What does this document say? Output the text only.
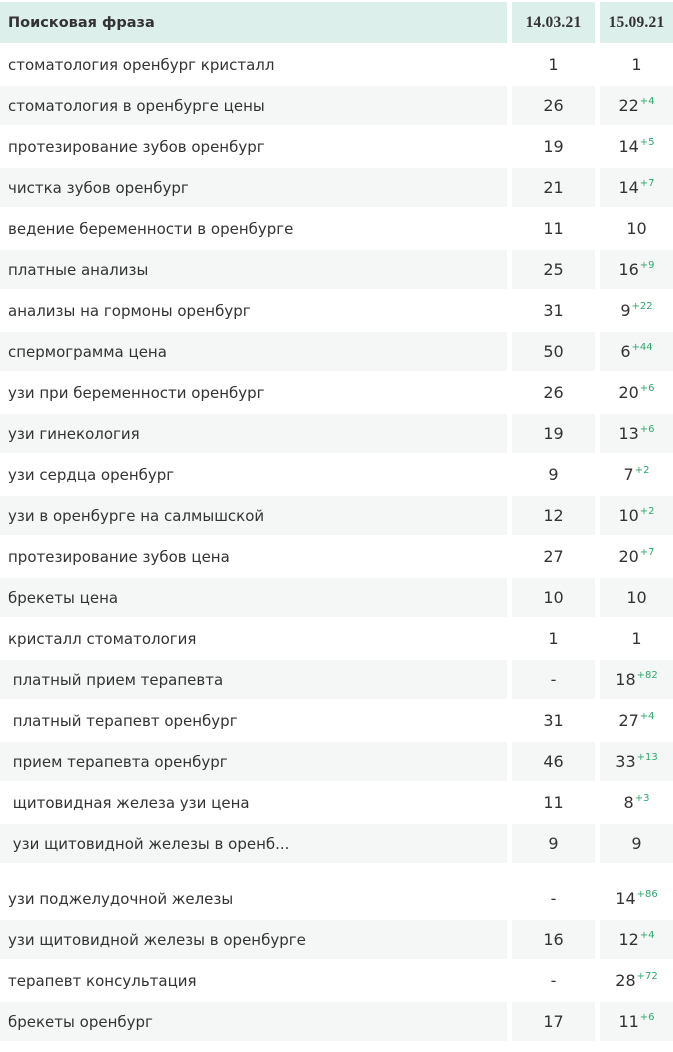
Поисковая фраза	14.03.21	15.09.21
стоматология оренбург кристалл	1	1
стоматология в оренбурге цены	26	$22^{+4}$
протезирование зубов оренбург	19	$14^{+5}$
чистка зубов оренбург	21	$14^{+7}$
ведение беременности в оренбурге	11	10
платные анализы	25	$16^{+9}$
анализы на гормоны оренбург	31	$9^{+22}$
спермограмма цена	50	$6^{+44}$
узи при беременности оренбург	26	$20^{+6}$
узи гинекология	19	$13^{+6}$
узи сердца оренбург	9	$7^{+2}$
узи в оренбурге на салмышской	12	$10^{+2}$
протезирование зубов цена	27	$20^{+7}$
брекеты цена	10	10
кристалл стоматология	1	1
платный прием терапевта	-	$18^{+82}$
платный терапевт оренбург	31	$27^{+4}$
прием терапевта оренбург	46	$33^{+13}$
щитовидная железа узи цена	11	$8^{+3}$
узи щитовидной железы в оренб...	9	9
узи поджелудочной железы	-	$14^{+86}$
узи щитовидной железы в оренбурге	16	$12^{+4}$
терапевт консультация	-	$28^{+72}$
брекеты оренбург	17	$11^{+6}$
